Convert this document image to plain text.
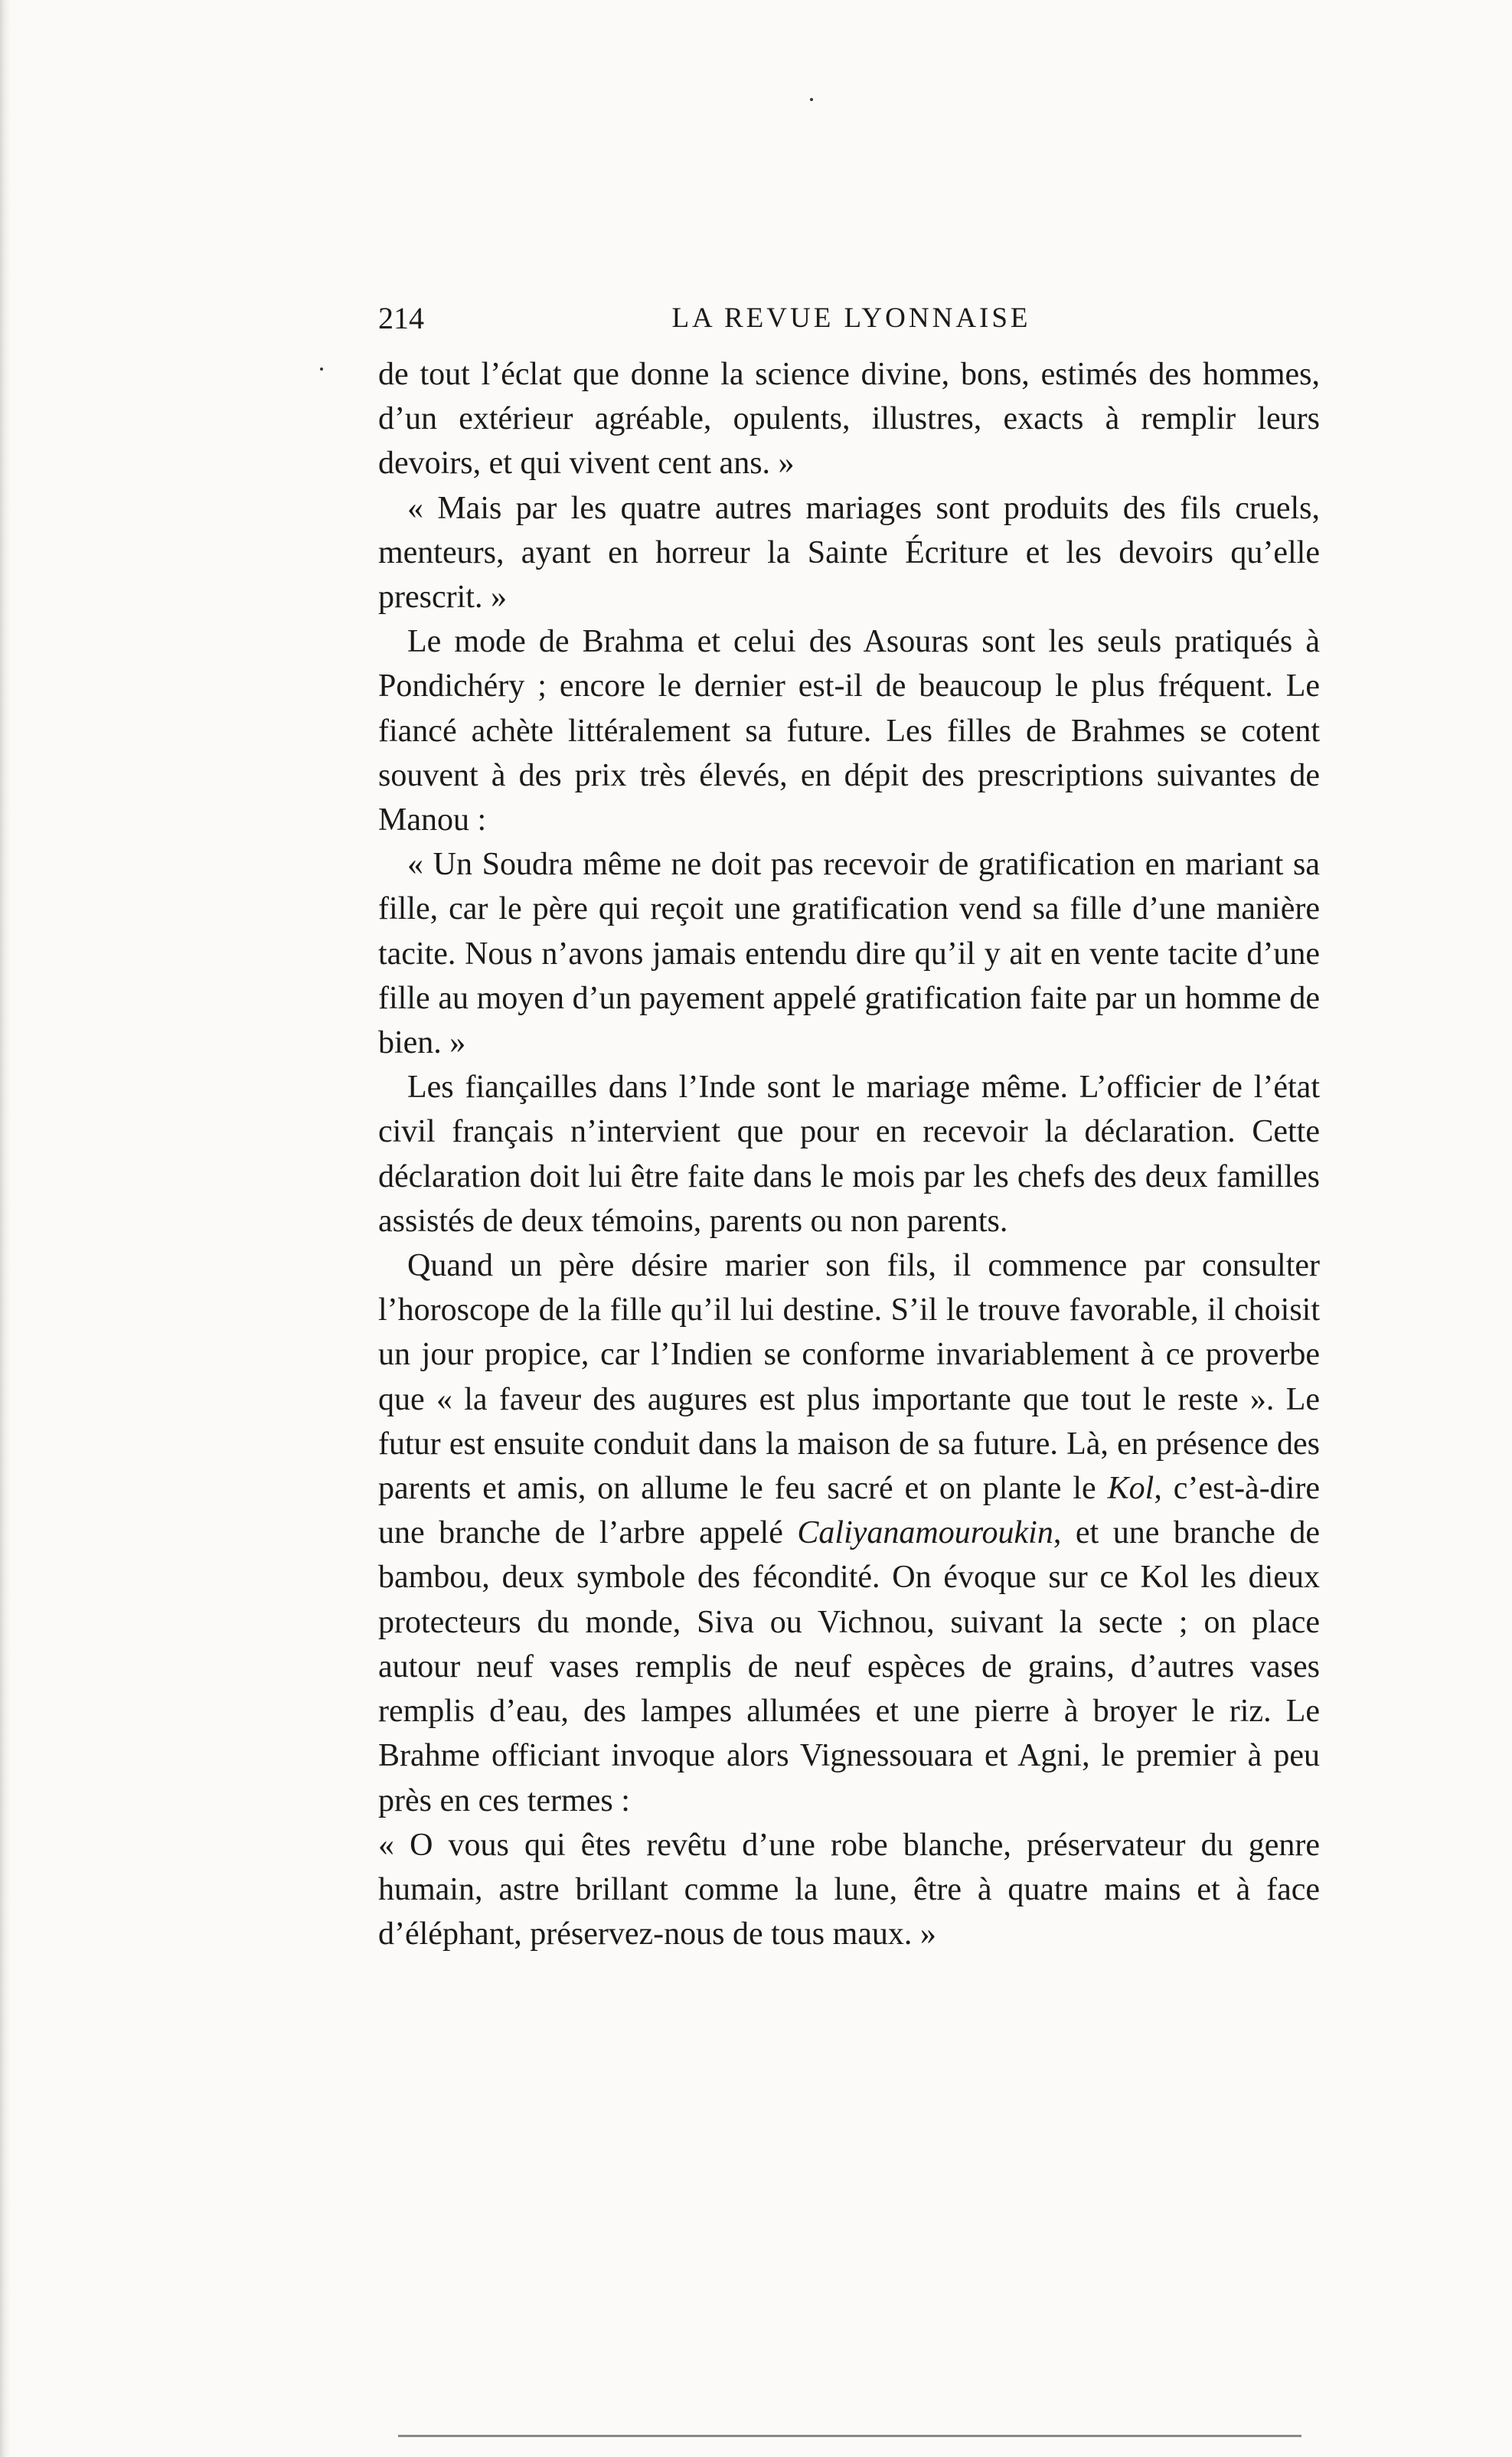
214	LA REVUE LYONNAISE

de tout l’éclat que donne la science divine, bons, estimés des hommes, d’un extérieur agréable, opulents, illustres, exacts à remplir leurs devoirs, et qui vivent cent ans. »

« Mais par les quatre autres mariages sont produits des fils cruels, menteurs, ayant en horreur la Sainte Écriture et les devoirs qu’elle prescrit. »

Le mode de Brahma et celui des Asouras sont les seuls pratiqués à Pondichéry ; encore le dernier est-il de beaucoup le plus fréquent. Le fiancé achète littéralement sa future. Les filles de Brahmes se cotent souvent à des prix très élevés, en dépit des prescriptions suivantes de Manou :

« Un Soudra même ne doit pas recevoir de gratification en mariant sa fille, car le père qui reçoit une gratification vend sa fille d’une manière tacite. Nous n’avons jamais entendu dire qu’il y ait en vente tacite d’une fille au moyen d’un payement appelé gratification faite par un homme de bien. »

Les fiançailles dans l’Inde sont le mariage même. L’officier de l’état civil français n’intervient que pour en recevoir la déclaration. Cette déclaration doit lui être faite dans le mois par les chefs des deux familles assistés de deux témoins, parents ou non parents.

Quand un père désire marier son fils, il commence par consulter l’horoscope de la fille qu’il lui destine. S’il le trouve favorable, il choisit un jour propice, car l’Indien se conforme invariablement à ce proverbe que « la faveur des augures est plus importante que tout le reste ». Le futur est ensuite conduit dans la maison de sa future. Là, en présence des parents et amis, on allume le feu sacré et on plante le Kol, c’est-à-dire une branche de l’arbre appelé Caliyanamouroukin, et une branche de bambou, deux symbole des fécondité. On évoque sur ce Kol les dieux protecteurs du monde, Siva ou Vichnou, suivant la secte ; on place autour neuf vases remplis de neuf espèces de grains, d’autres vases remplis d’eau, des lampes allumées et une pierre à broyer le riz. Le Brahme officiant invoque alors Vignessouara et Agni, le premier à peu près en ces termes :

« O vous qui êtes revêtu d’une robe blanche, préservateur du genre humain, astre brillant comme la lune, être à quatre mains et à face d’éléphant, préservez-nous de tous maux. »
